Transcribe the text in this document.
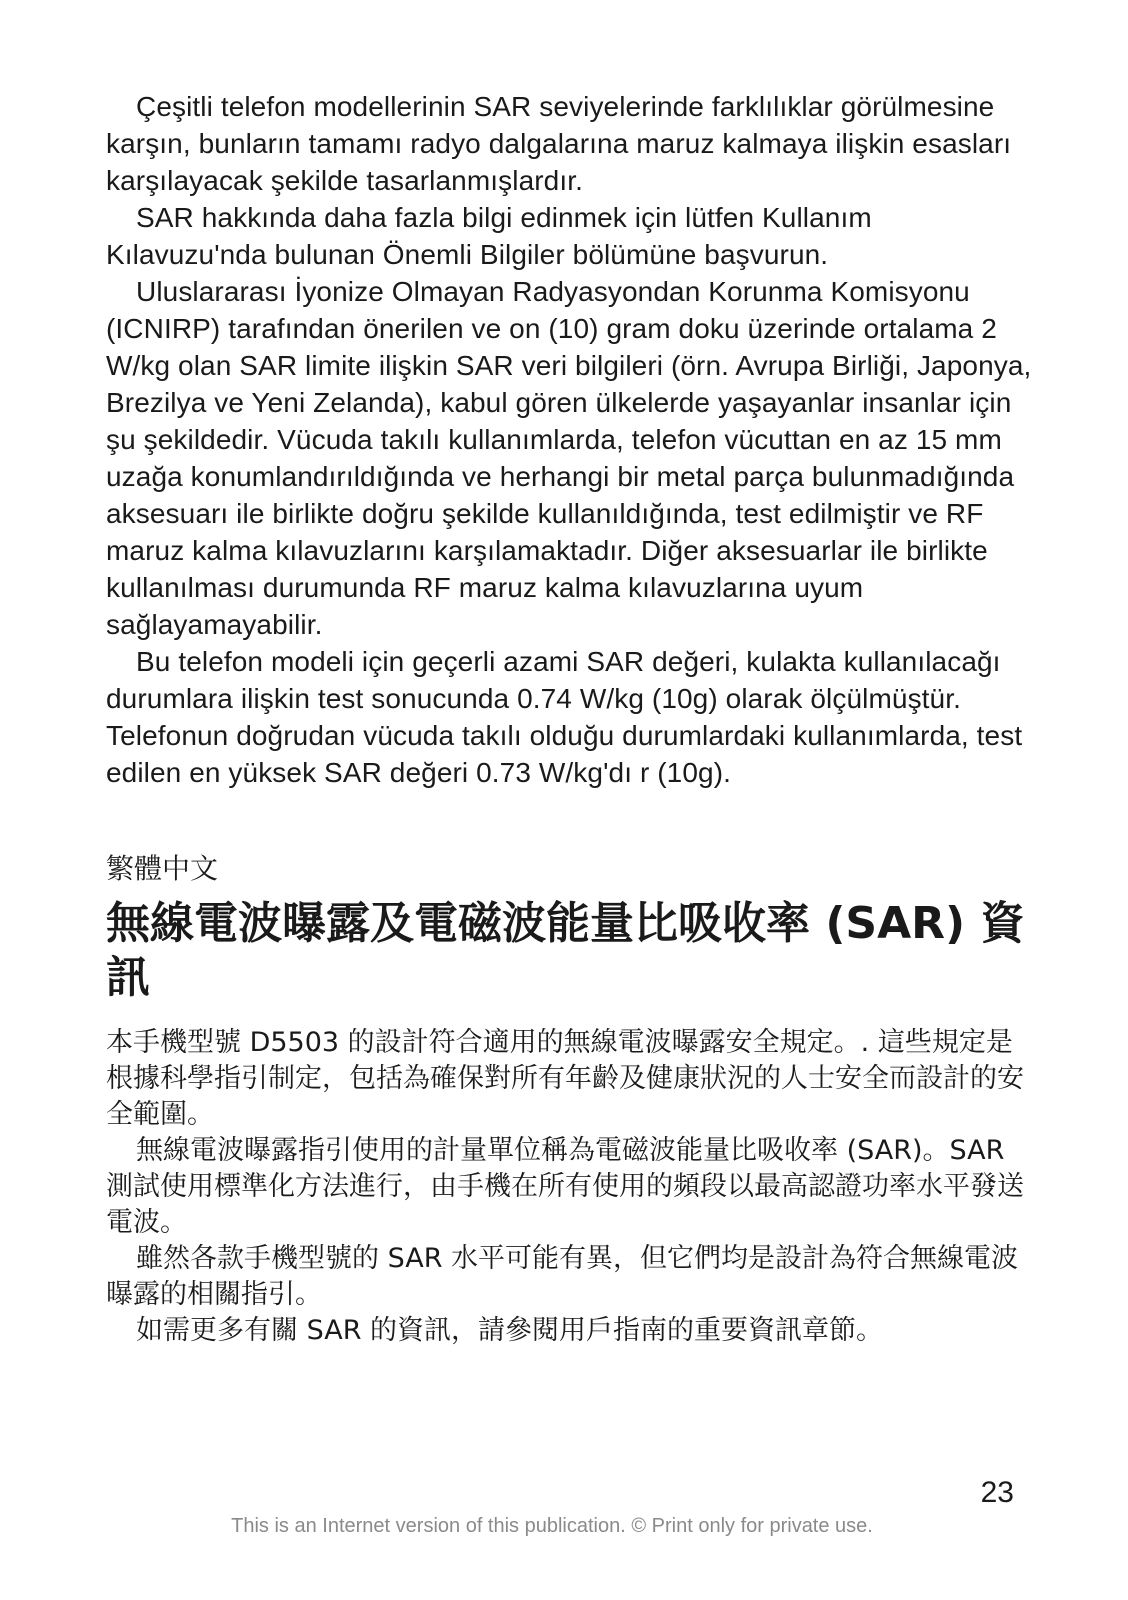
Çeşitli telefon modellerinin SAR seviyelerinde farklılıklar görülmesine karşın, bunların tamamı radyo dalgalarına maruz kalmaya ilişkin esasları karşılayacak şekilde tasarlanmışlardır.

SAR hakkında daha fazla bilgi edinmek için lütfen Kullanım Kılavuzu'nda bulunan Önemli Bilgiler bölümüne başvurun.

Uluslararası İyonize Olmayan Radyasyondan Korunma Komisyonu (ICNIRP) tarafından önerilen ve on (10) gram doku üzerinde ortalama 2 W/kg olan SAR limite ilişkin SAR veri bilgileri (örn. Avrupa Birliği, Japonya, Brezilya ve Yeni Zelanda), kabul gören ülkelerde yaşayanlar insanlar için şu şekildedir. Vücuda takılı kullanımlarda, telefon vücuttan en az 15 mm uzağa konumlandırıldığında ve herhangi bir metal parça bulunmadığında aksesuarı ile birlikte doğru şekilde kullanıldığında, test edilmiştir ve RF maruz kalma kılavuzlarını karşılamaktadır. Diğer aksesuarlar ile birlikte kullanılması durumunda RF maruz kalma kılavuzlarına uyum sağlayamayabilir.

Bu telefon modeli için geçerli azami SAR değeri, kulakta kullanılacağı durumlara ilişkin test sonucunda 0.74 W/kg (10g) olarak ölçülmüştür. Telefonun doğrudan vücuda takılı olduğu durumlardaki kullanımlarda, test edilen en yüksek SAR değeri 0.73 W/kg'dı r (10g).

繁體中文

無線電波曝露及電磁波能量比吸收率 (SAR) 資訊

本手機型號 D5503 的設計符合適用的無線電波曝露安全規定。. 這些規定是根據科學指引制定，包括為確保對所有年齡及健康狀況的人士安全而設計的安全範圍。

無線電波曝露指引使用的計量單位稱為電磁波能量比吸收率 (SAR)。SAR 測試使用標準化方法進行，由手機在所有使用的頻段以最高認證功率水平發送電波。

雖然各款手機型號的 SAR 水平可能有異，但它們均是設計為符合無線電波曝露的相關指引。

如需更多有關 SAR 的資訊，請參閱用戶指南的重要資訊章節。

23

This is an Internet version of this publication. © Print only for private use.
